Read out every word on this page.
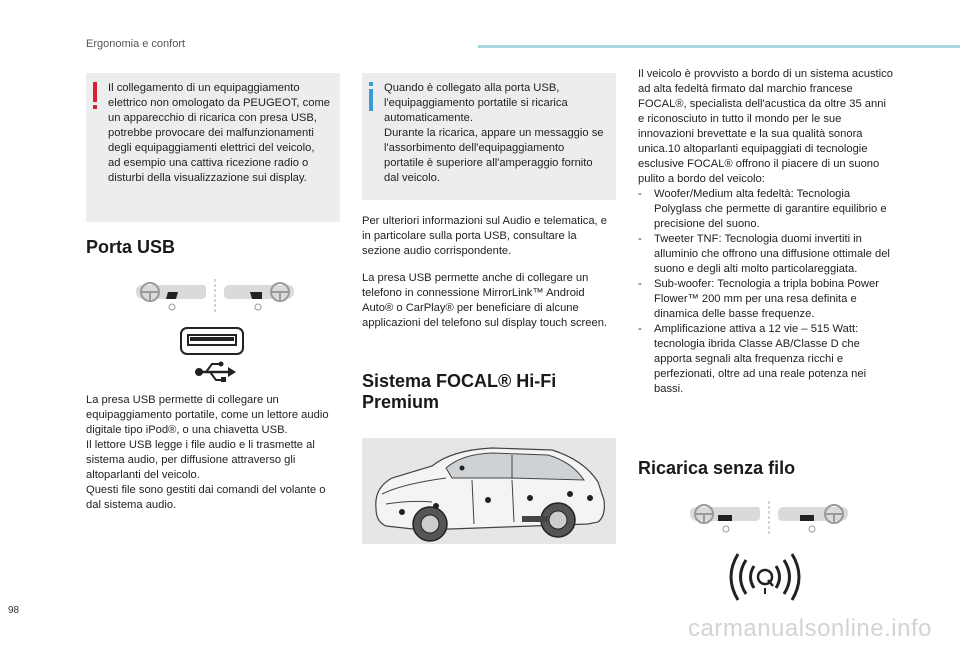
Ergonomia e confort

Il collegamento di un equipaggiamento elettrico non omologato da PEUGEOT, come un apparecchio di ricarica con presa USB, potrebbe provocare dei malfunzionamenti degli equipaggiamenti elettrici del veicolo, ad esempio una cattiva ricezione radio o disturbi della visualizzazione sui display.

Quando è collegato alla porta USB, l'equipaggiamento portatile si ricarica automaticamente.

Durante la ricarica, appare un messaggio se l'assorbimento dell'equipaggiamento portatile è superiore all'amperaggio fornito dal veicolo.

Porta USB

La presa USB permette di collegare un equipaggiamento portatile, come un lettore audio digitale tipo iPod®, o una chiavetta USB.

Il lettore USB legge i file audio e li trasmette al sistema audio, per diffusione attraverso gli altoparlanti del veicolo.

Questi file sono gestiti dai comandi del volante o dal sistema audio.

Per ulteriori informazioni sul Audio e telematica, e in particolare sulla porta USB, consultare la sezione audio corrispondente.

La presa USB permette anche di collegare un telefono in connessione MirrorLink™ Android Auto® o CarPlay® per beneficiare di alcune applicazioni del telefono sul display touch screen.

Sistema FOCAL® Hi-Fi

Premium

Il veicolo è provvisto a bordo di un sistema acustico ad alta fedeltà firmato dal marchio francese FOCAL®, specialista dell'acustica da oltre 35 anni e riconosciuto in tutto il mondo per le sue innovazioni brevettate e la sua qualità sonora unica.10 altoparlanti equipaggiati di tecnologie esclusive FOCAL® offrono il piacere di un suono pulito a bordo del veicolo:

- Woofer/Medium alta fedeltà: Tecnologia Polyglass che permette di garantire equilibrio e precisione del suono.
- Tweeter TNF: Tecnologia duomi invertiti in alluminio che offrono una diffusione ottimale del suono e degli alti molto particolareggiata.
- Sub-woofer: Tecnologia a tripla bobina Power Flower™ 200 mm per una resa definita e dinamica delle basse frequenze.
- Amplificazione attiva a 12 vie – 515 Watt: tecnologia ibrida Classe AB/Classe D che apporta segnali alta frequenza ricchi e perfezionati, oltre ad una reale potenza nei bassi.
Ricarica senza filo
98
carmanualsonline.info
